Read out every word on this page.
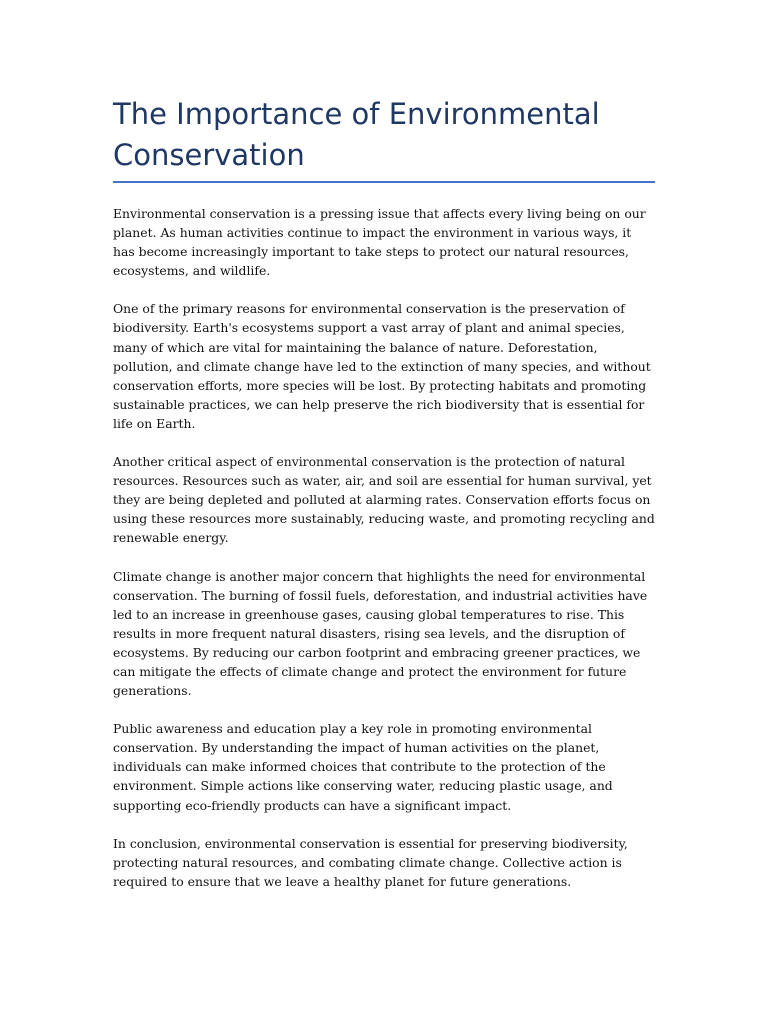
The Importance of Environmental Conservation

Environmental conservation is a pressing issue that affects every living being on our planet. As human activities continue to impact the environment in various ways, it has become increasingly important to take steps to protect our natural resources, ecosystems, and wildlife.

One of the primary reasons for environmental conservation is the preservation of biodiversity. Earth's ecosystems support a vast array of plant and animal species, many of which are vital for maintaining the balance of nature. Deforestation, pollution, and climate change have led to the extinction of many species, and without conservation efforts, more species will be lost. By protecting habitats and promoting sustainable practices, we can help preserve the rich biodiversity that is essential for life on Earth.

Another critical aspect of environmental conservation is the protection of natural resources. Resources such as water, air, and soil are essential for human survival, yet they are being depleted and polluted at alarming rates. Conservation efforts focus on using these resources more sustainably, reducing waste, and promoting recycling and renewable energy.

Climate change is another major concern that highlights the need for environmental conservation. The burning of fossil fuels, deforestation, and industrial activities have led to an increase in greenhouse gases, causing global temperatures to rise. This results in more frequent natural disasters, rising sea levels, and the disruption of ecosystems. By reducing our carbon footprint and embracing greener practices, we can mitigate the effects of climate change and protect the environment for future generations.

Public awareness and education play a key role in promoting environmental conservation. By understanding the impact of human activities on the planet, individuals can make informed choices that contribute to the protection of the environment. Simple actions like conserving water, reducing plastic usage, and supporting eco-friendly products can have a significant impact.

In conclusion, environmental conservation is essential for preserving biodiversity, protecting natural resources, and combating climate change. Collective action is required to ensure that we leave a healthy planet for future generations.
